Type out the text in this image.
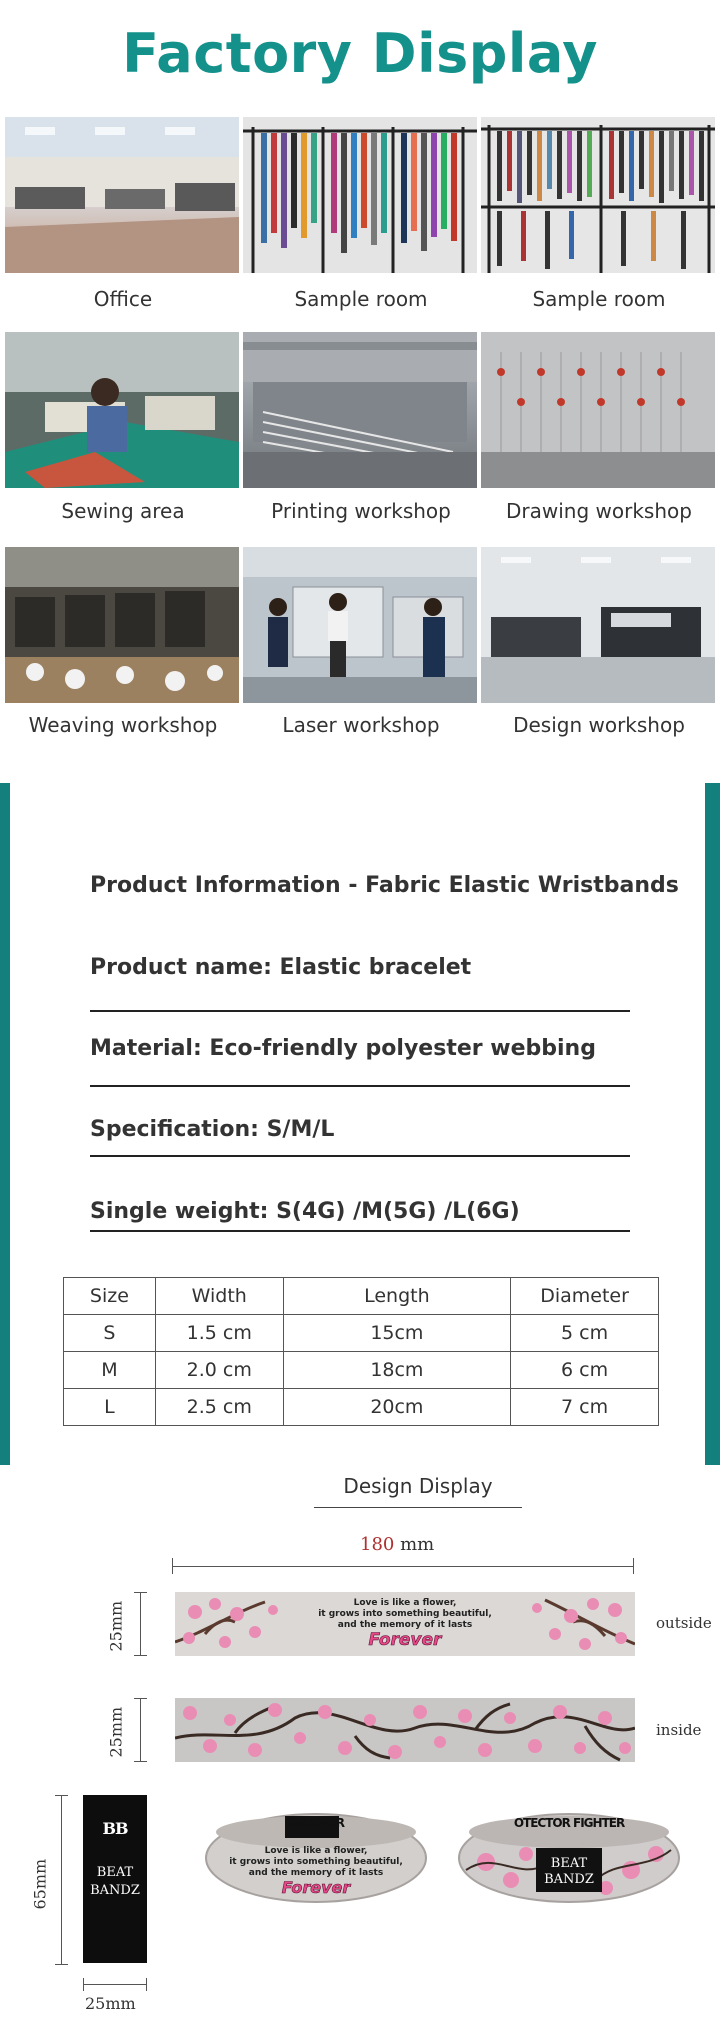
Factory Display
Office	Sample room	Sample room
Sewing area	Printing workshop	Drawing workshop
Weaving workshop	Laser workshop	Design workshop
Product Information - Fabric Elastic Wristbands
Product name: Elastic bracelet
Material: Eco-friendly polyester webbing
Specification: S/M/L
Single weight: S(4G) /M(5G) /L(6G)
Size	Width	Length	Diameter
S	1.5 cm	15cm	5 cm
M	2.0 cm	18cm	6 cm
L	2.5 cm	20cm	7 cm
Design Display
180 mm
25mm	Love is like a flower,
it grows into something beautiful,
and the memory of it lasts
Forever
outside
25mm	inside
65mm
BB
BEAT
BANDZ
25mm
OTECTOR
Love is like a flower,
it grows into something beautiful,
and the memory of it lasts
Forever
OTECTOR FIGHTER
BEAT
BANDZ
